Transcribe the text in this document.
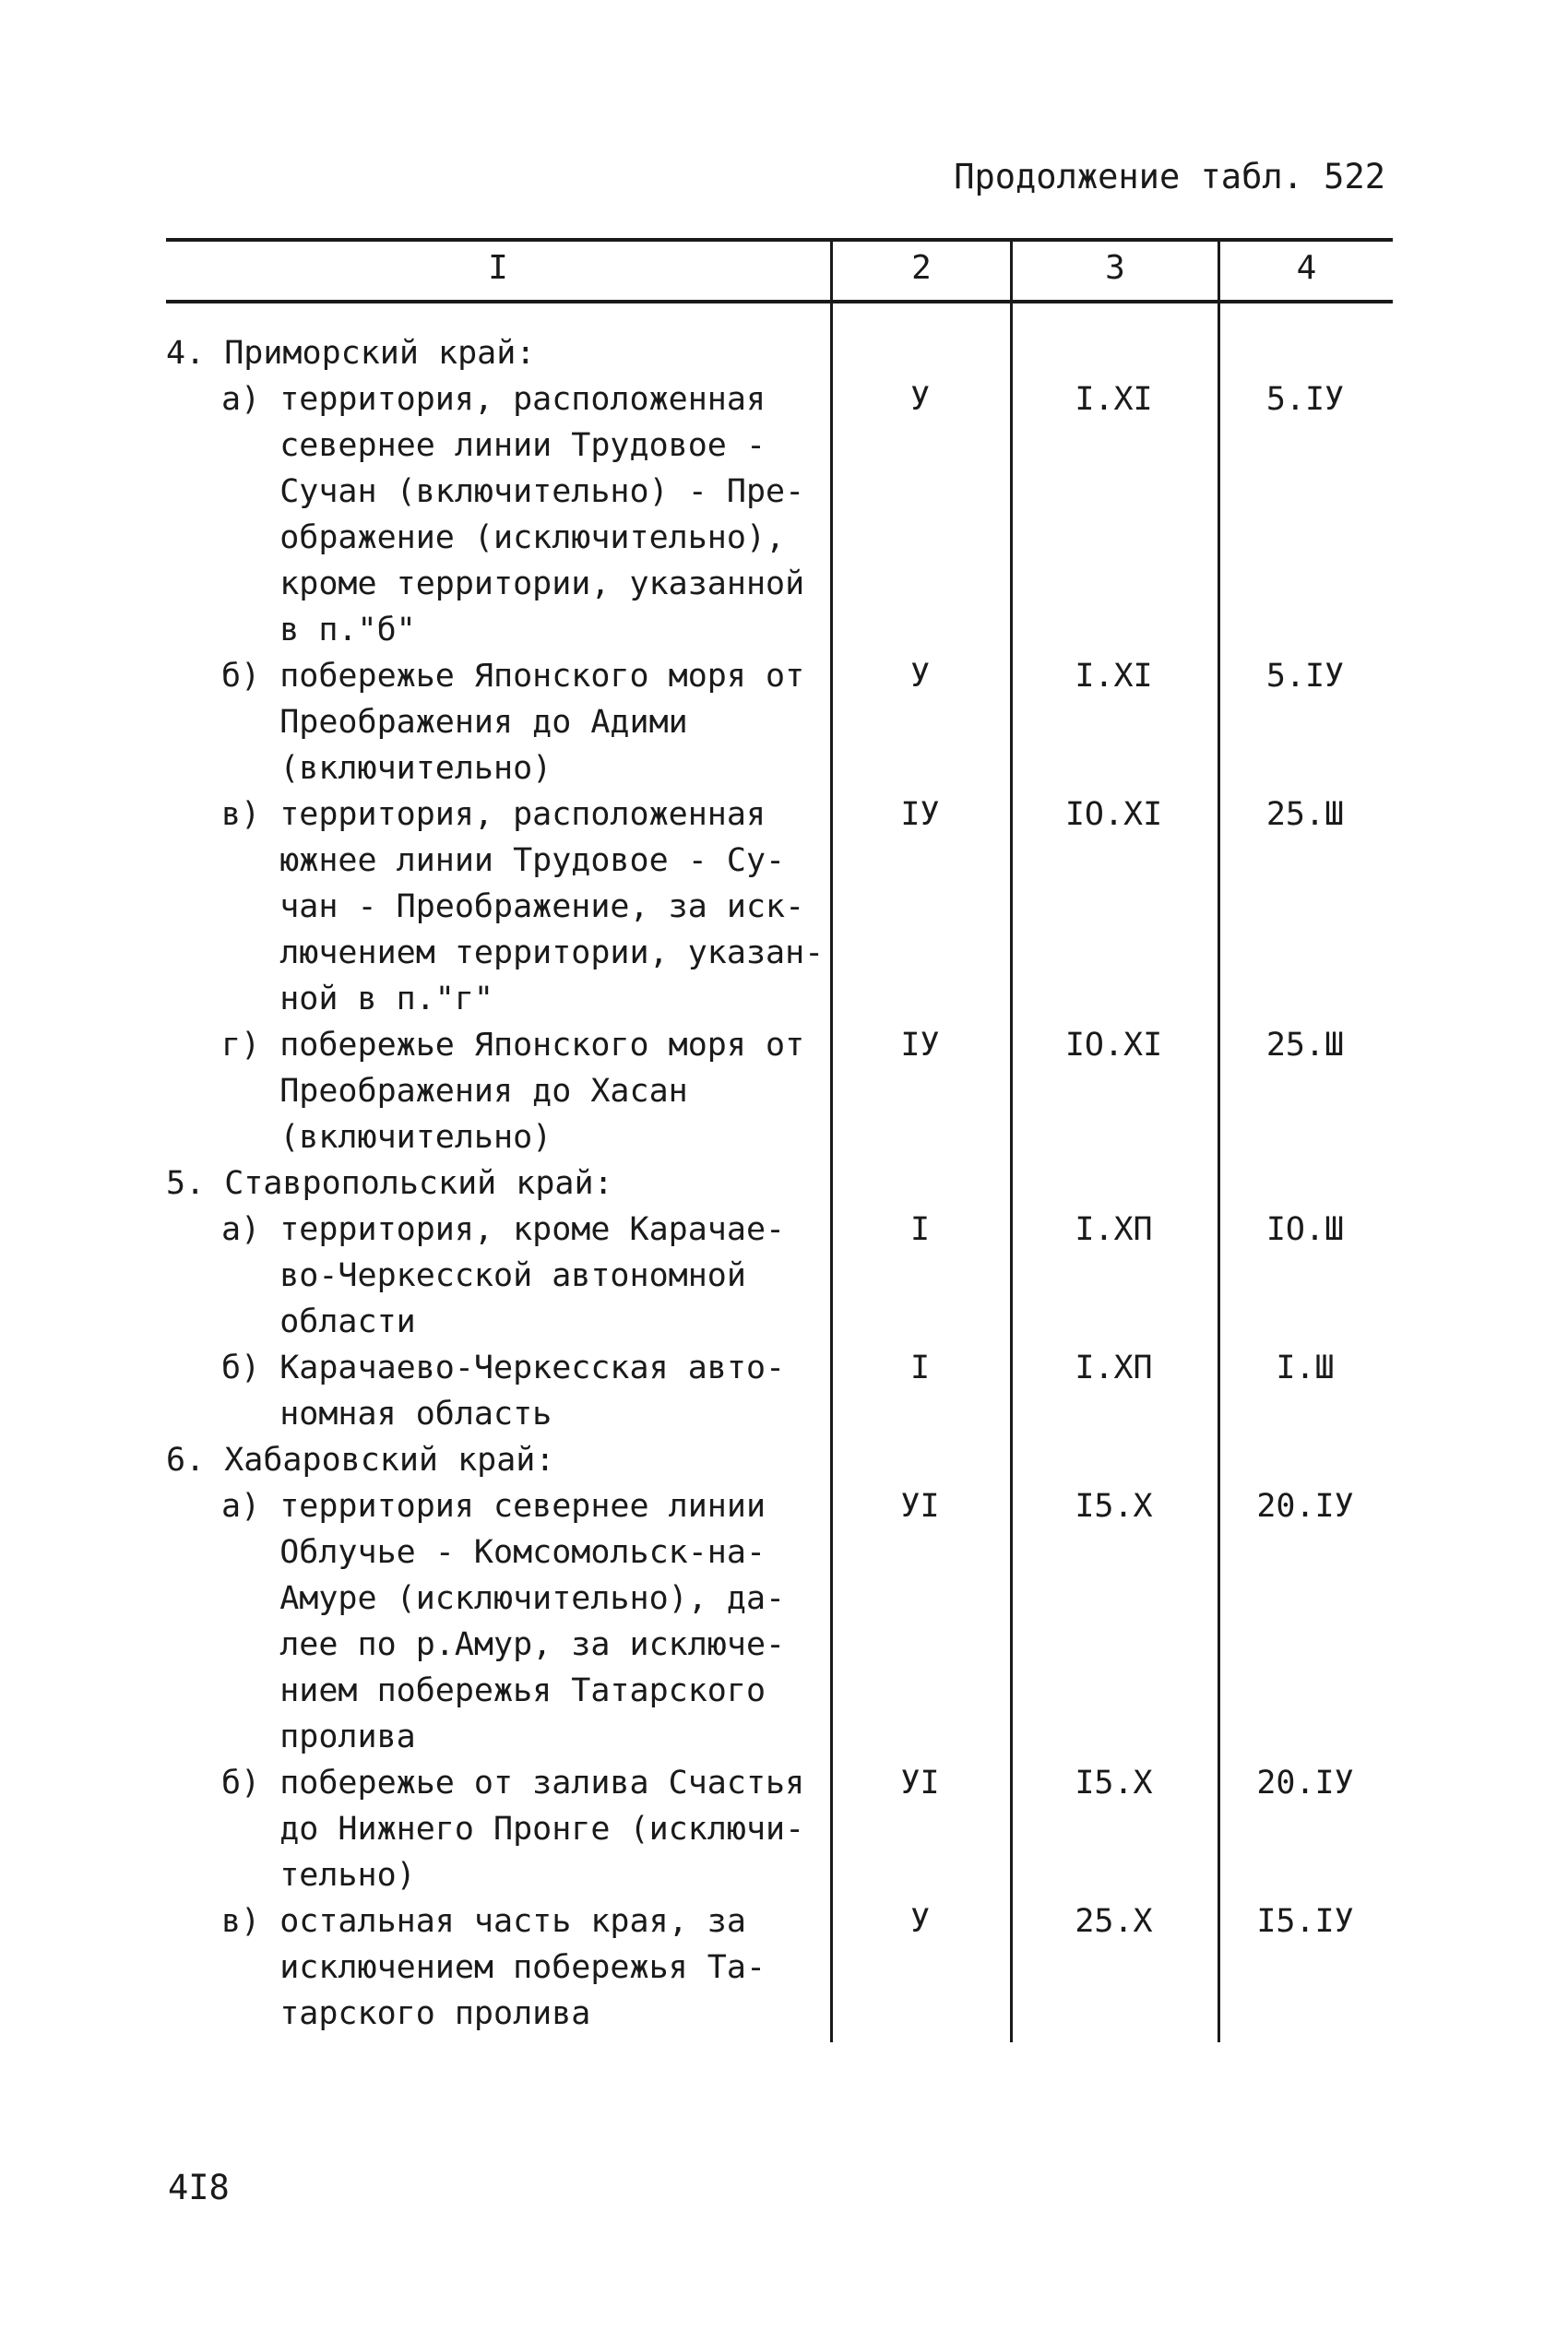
Продолжение табл. 522
I	2	3	4
4. Приморский край:
а) территория, расположенная
севернее линии Трудовое -
Сучан (включительно) - Пре-
ображение (исключительно),
кроме территории, указанной
в п."б"
У	I.XI	5.IУ
б) побережье Японского моря от
Преображения до Адими
(включительно)
У	I.XI	5.IУ
в) территория, расположенная
южнее линии Трудовое - Су-
чан - Преображение, за иск-
лючением территории, указан-
ной в п."г"
IУ	IO.XI	25.Ш
г) побережье Японского моря от
Преображения до Хасан
(включительно)
IУ	IO.XI	25.Ш
5. Ставропольский край:
а) территория, кроме Карачае-
во-Черкесской автономной
области
I	I.XП	IO.Ш
б) Карачаево-Черкесская авто-
номная область
I	I.XП	I.Ш
6. Хабаровский край:
а) территория севернее линии
Облучье - Комсомольск-на-
Амуре (исключительно), да-
лее по р.Амур, за исключе-
нием побережья Татарского
пролива
УI	I5.X	20.IУ
б) побережье от залива Счастья
до Нижнего Пронге (исключи-
тельно)
УI	I5.X	20.IУ
в) остальная часть края, за
исключением побережья Та-
тарского пролива
У	25.X	I5.IУ
4I8
